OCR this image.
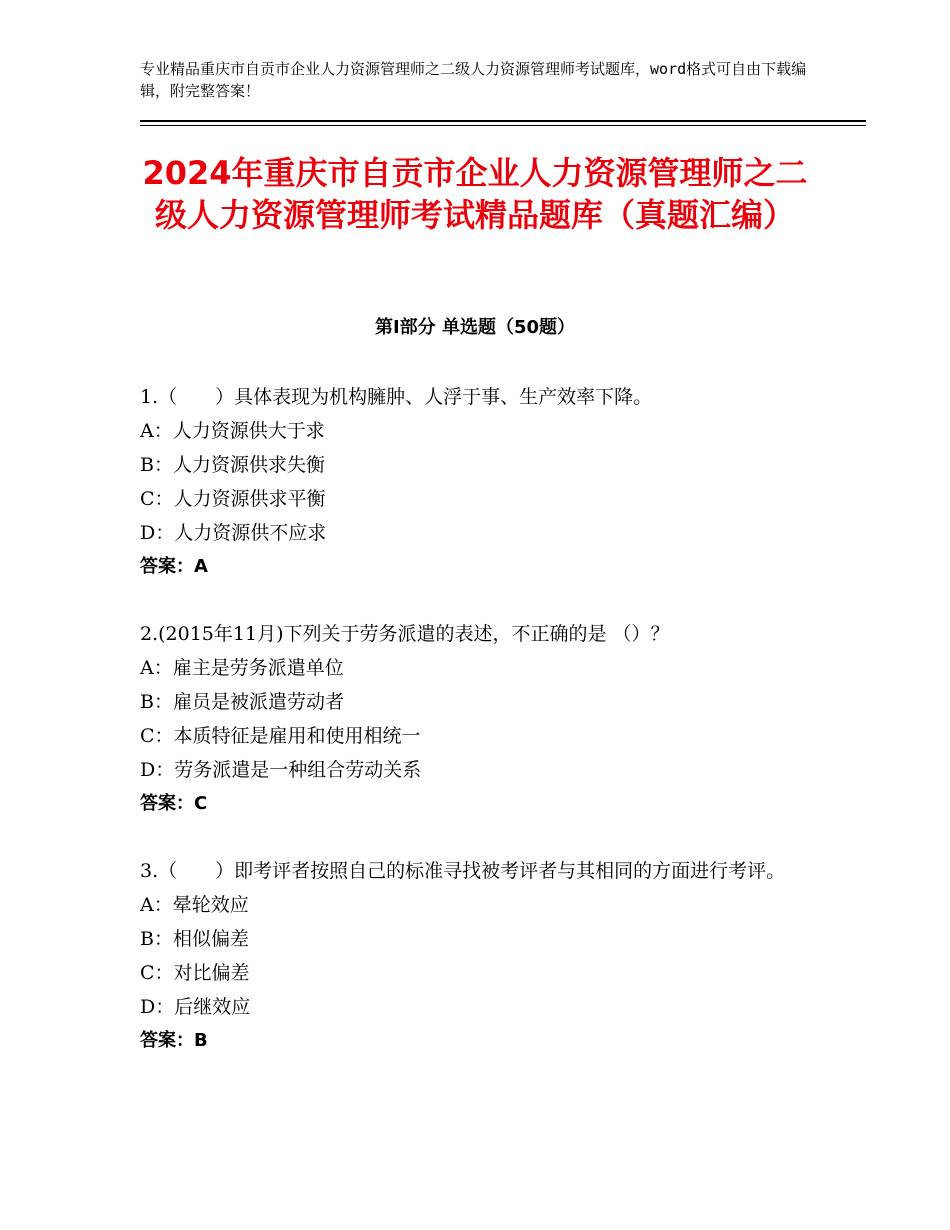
专业精品重庆市自贡市企业人力资源管理师之二级人力资源管理师考试题库，word格式可自由下载编辑，附完整答案！
2024年重庆市自贡市企业人力资源管理师之二级人力资源管理师考试精品题库（真题汇编）
第Ⅰ部分 单选题（50题）
1.（　　）具体表现为机构臃肿、人浮于事、生产效率下降。
A：人力资源供大于求
B：人力资源供求失衡
C：人力资源供求平衡
D：人力资源供不应求
答案：A
2.(2015年11月)下列关于劳务派遣的表述，不正确的是 （）？
A：雇主是劳务派遣单位
B：雇员是被派遣劳动者
C：本质特征是雇用和使用相统一
D：劳务派遣是一种组合劳动关系
答案：C
3.（　　）即考评者按照自己的标准寻找被考评者与其相同的方面进行考评。
A：晕轮效应
B：相似偏差
C：对比偏差
D：后继效应
答案：B
